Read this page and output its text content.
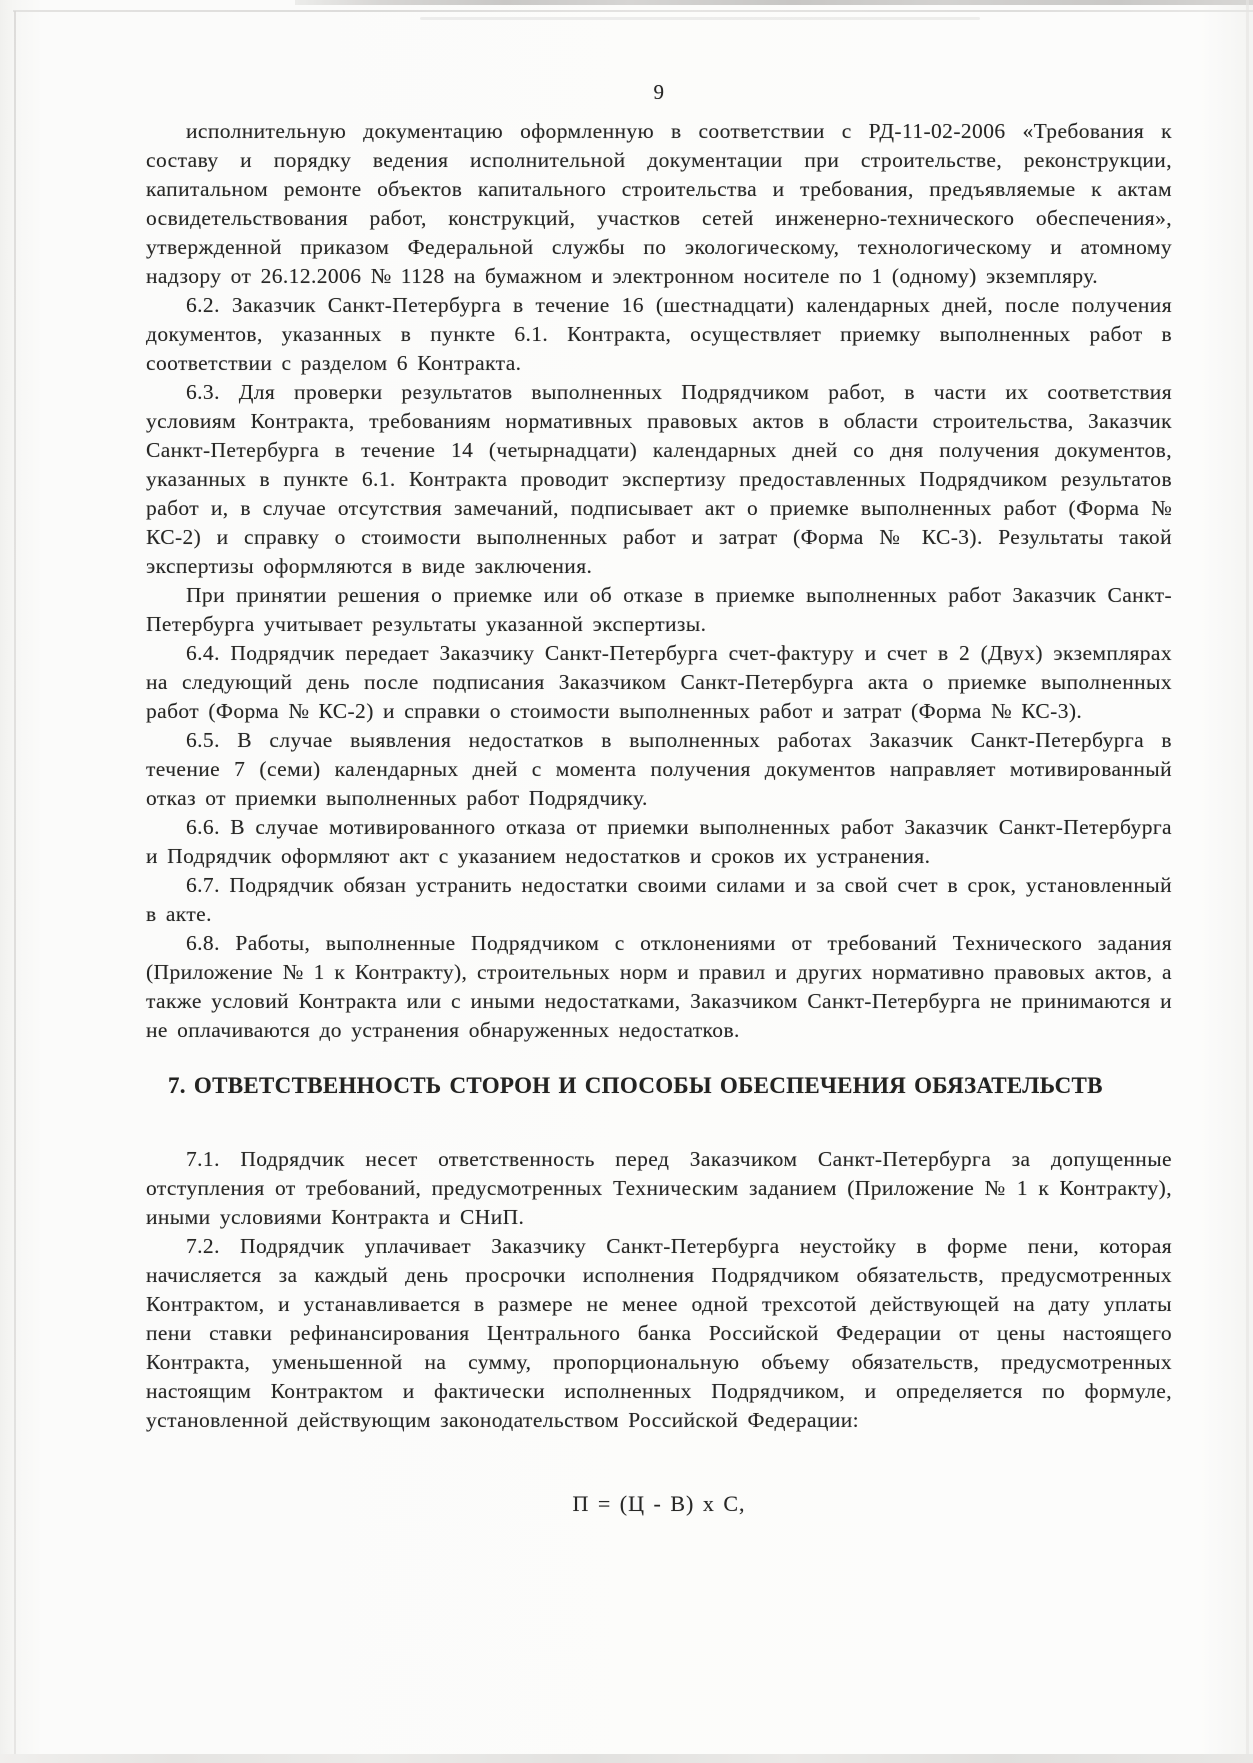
9

исполнительную документацию оформленную в соответствии с РД-11-02-2006 «Требования к составу и порядку ведения исполнительной документации при строительстве, реконструкции, капитальном ремонте объектов капитального строительства и требования, предъявляемые к актам освидетельствования работ, конструкций, участков сетей инженерно-технического обеспечения», утвержденной приказом Федеральной службы по экологическому, технологическому и атомному надзору от 26.12.2006 № 1128 на бумажном и электронном носителе по 1 (одному) экземпляру.

6.2. Заказчик Санкт-Петербурга в течение 16 (шестнадцати) календарных дней, после получения документов, указанных в пункте 6.1. Контракта, осуществляет приемку выполненных работ в соответствии с разделом 6 Контракта.

6.3. Для проверки результатов выполненных Подрядчиком работ, в части их соответствия условиям Контракта, требованиям нормативных правовых актов в области строительства, Заказчик Санкт-Петербурга в течение 14 (четырнадцати) календарных дней со дня получения документов, указанных в пункте 6.1. Контракта проводит экспертизу предоставленных Подрядчиком результатов работ и, в случае отсутствия замечаний, подписывает акт о приемке выполненных работ (Форма № КС-2) и справку о стоимости выполненных работ и затрат (Форма № КС-3). Результаты такой экспертизы оформляются в виде заключения.

При принятии решения о приемке или об отказе в приемке выполненных работ Заказчик Санкт-Петербурга учитывает результаты указанной экспертизы.

6.4. Подрядчик передает Заказчику Санкт-Петербурга счет-фактуру и счет в 2 (Двух) экземплярах на следующий день после подписания Заказчиком Санкт-Петербурга акта о приемке выполненных работ (Форма № КС-2) и справки о стоимости выполненных работ и затрат (Форма № КС-3).

6.5. В случае выявления недостатков в выполненных работах Заказчик Санкт-Петербурга в течение 7 (семи) календарных дней с момента получения документов направляет мотивированный отказ от приемки выполненных работ Подрядчику.

6.6. В случае мотивированного отказа от приемки выполненных работ Заказчик Санкт-Петербурга и Подрядчик оформляют акт с указанием недостатков и сроков их устранения.

6.7. Подрядчик обязан устранить недостатки своими силами и за свой счет в срок, установленный в акте.

6.8. Работы, выполненные Подрядчиком с отклонениями от требований Технического задания (Приложение № 1 к Контракту), строительных норм и правил и других нормативно правовых актов, а также условий Контракта или с иными недостатками, Заказчиком Санкт-Петербурга не принимаются и не оплачиваются до устранения обнаруженных недостатков.

7. ОТВЕТСТВЕННОСТЬ СТОРОН И СПОСОБЫ ОБЕСПЕЧЕНИЯ ОБЯЗАТЕЛЬСТВ

7.1. Подрядчик несет ответственность перед Заказчиком Санкт-Петербурга за допущенные отступления от требований, предусмотренных Техническим заданием (Приложение № 1 к Контракту), иными условиями Контракта и СНиП.

7.2. Подрядчик уплачивает Заказчику Санкт-Петербурга неустойку в форме пени, которая начисляется за каждый день просрочки исполнения Подрядчиком обязательств, предусмотренных Контрактом, и устанавливается в размере не менее одной трехсотой действующей на дату уплаты пени ставки рефинансирования Центрального банка Российской Федерации от цены настоящего Контракта, уменьшенной на сумму, пропорциональную объему обязательств, предусмотренных настоящим Контрактом и фактически исполненных Подрядчиком, и определяется по формуле, установленной действующим законодательством Российской Федерации:

П = (Ц - В) х С,
